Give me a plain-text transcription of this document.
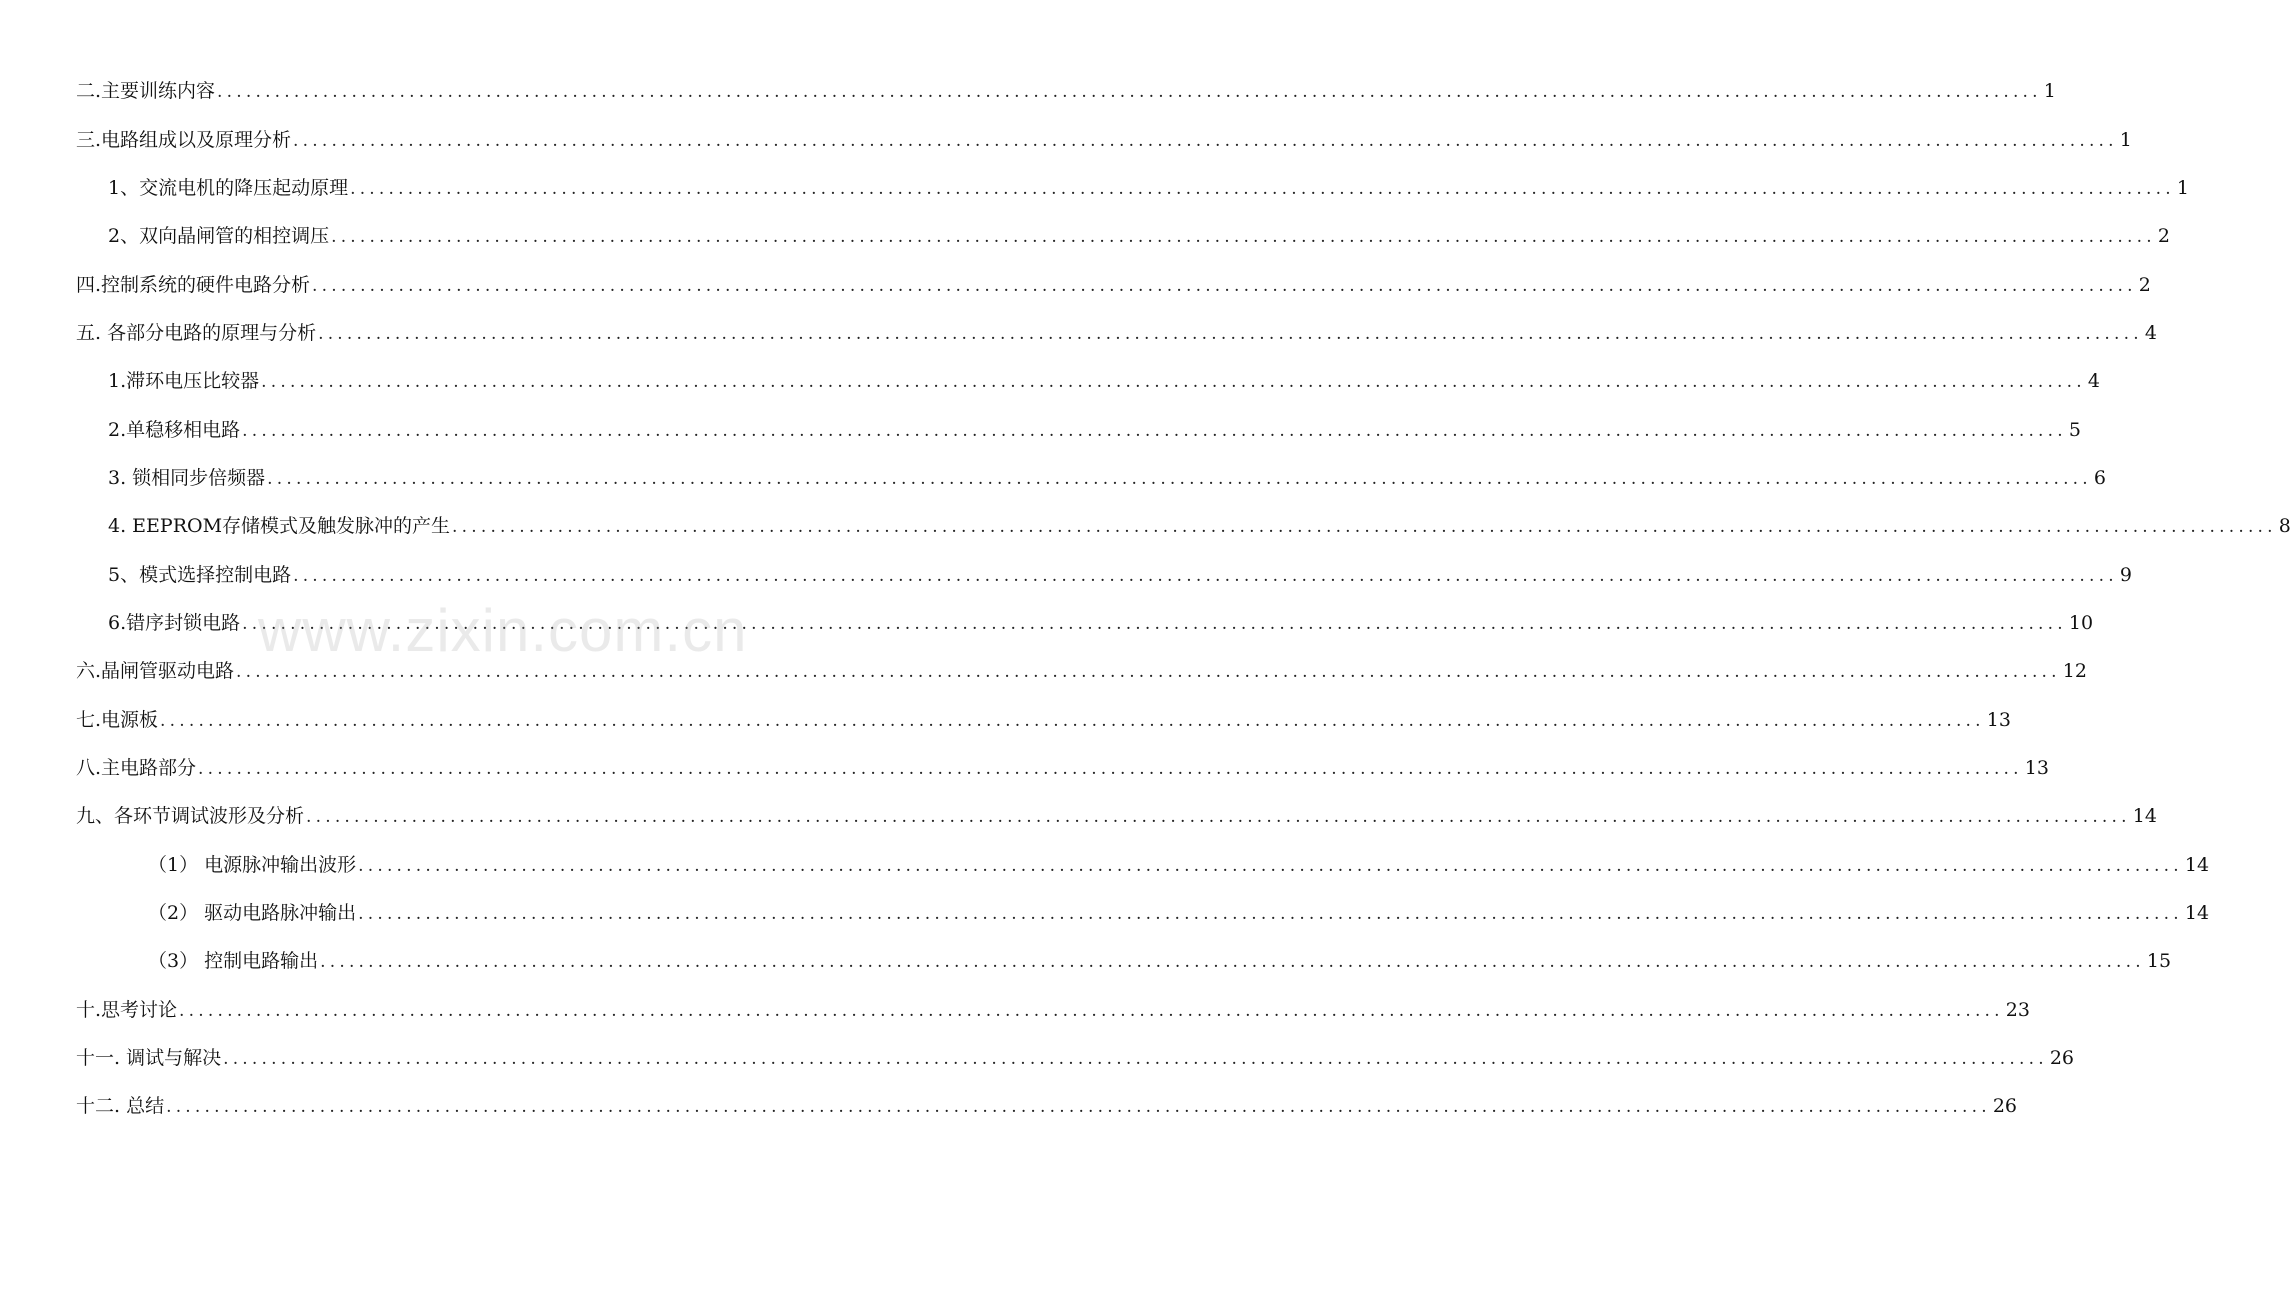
二.主要训练内容 .............................................................................................................................................................................................. 1
三.电路组成以及原理分析 .............................................................................................................................................................................................. 1
1、交流电机的降压起动原理 .............................................................................................................................................................................................. 1
2、双向晶闸管的相控调压 .............................................................................................................................................................................................. 2
四.控制系统的硬件电路分析 .............................................................................................................................................................................................. 2
五. 各部分电路的原理与分析 .............................................................................................................................................................................................. 4
1.滞环电压比较器 .............................................................................................................................................................................................. 4
2.单稳移相电路 .............................................................................................................................................................................................. 5
3. 锁相同步倍频器 .............................................................................................................................................................................................. 6
4. EEPROM存储模式及触发脉冲的产生 .............................................................................................................................................................................................. 8
5、模式选择控制电路 .............................................................................................................................................................................................. 9
6.错序封锁电路 .............................................................................................................................................................................................. 10
六.晶闸管驱动电路 .............................................................................................................................................................................................. 12
七.电源板 .............................................................................................................................................................................................. 13
八.主电路部分 .............................................................................................................................................................................................. 13
九、各环节调试波形及分析 .............................................................................................................................................................................................. 14
（1） 电源脉冲输出波形 .............................................................................................................................................................................................. 14
（2） 驱动电路脉冲输出 .............................................................................................................................................................................................. 14
（3） 控制电路输出 .............................................................................................................................................................................................. 15
十.思考讨论 .............................................................................................................................................................................................. 23
十一. 调试与解决 .............................................................................................................................................................................................. 26
十二. 总结 .............................................................................................................................................................................................. 26
www.zixin.com.cn
